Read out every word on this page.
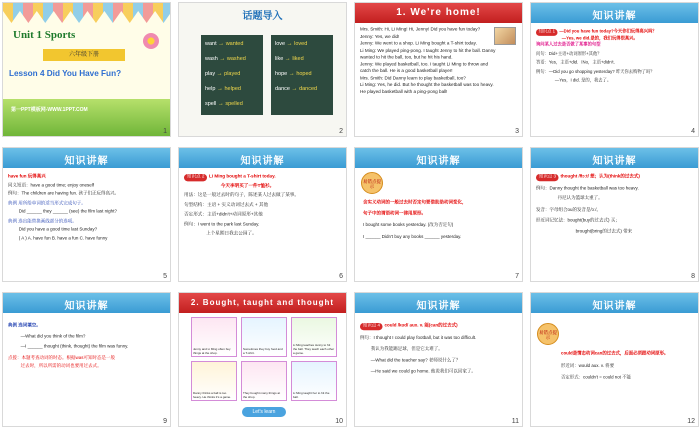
Unit 1 Sports
六年级下册
Lesson 4 Did You Have Fun?
第一PPT模板网-WWW.1PPT.COM
1
话题导入
want → wanted
wash → washed
play → played
help → helped
spell → spelled
love → loved
like → liked
hope → hoped
dance → danced
2
1. We're home!
Mrs. Smith: Hi, Li Ming! Hi, Jenny! Did you have fun today?
Jenny: Yes, we did!
Jenny: We went to a shop. Li Ming bought a T-shirt today.
Li Ming: We played ping-pong. I taught Jenny to hit the ball. Danny
wanted to hit the ball, too, but he hit his hand.
Jenny: We played basketball, too. I taught Li Ming to throw and
catch the ball. He is a good basketball player!
Mrs. Smith: Did Danny learn to play basketball, too?
Li Ming: Yes, he did. But he thought the basketball was too heavy.
He played basketball with a ping-pong ball!
3
知识讲解
知识点 1 —Did you have fun today?今天你们玩得高兴吗？
—Yes, we did.是的，我们玩得很高兴。
询问某人过去是否做了某事的句型
问句：Did+主语+动词原形+其他？
答语：Yes，主语+did.（No，主语+didn't.
例句：—Did you go shopping yesterday? 昨天你去购物了吗？
—Yes，I did. 是的，我去了。
4
知识讲解
have fun 玩得高兴
同义短语：have a good time; enjoy oneself
例句：The children are having fun. 孩子们正玩得高兴。
典例 用所给单词的适当形式完成句子。
Did ______ they ______ (see) the film last night?
典例 选出能替换画线部分的选项。
Did you have a good time last Sunday?
( A ) A. have fun B. have a fun C. have funny
5
知识讲解
知识点 2 Li Ming bought a T-shirt today.
今天李明买了一件T恤衫。
用法：这是一般过去时的句子，陈述某人过去做了某事。
句型结构：主语 + 实义动词过去式 + 其他
否定形式：主语+didn't+动词原形+其他
例句：I went to the park last Sunday.
上个星期日我去公园了。
6
知识讲解
易错点提示
含实义动词的一般过去时否定句要借助助动词变化，
句子中的谓语动词一律用原形。
I bought some books yesterday. (改为否定句)
I ______ Didn't buy any books ______ yesterday.
7
知识讲解
知识点 3 thought /θɔːt/ 想；认为(think的过去式)
例句：Danny thought the basketball was too heavy.
丹尼认为篮球太重了。
发音：字母组合ou的发音是/ɔː/。
形近词记忆法：bought(buy的过去式) 买；
brought(bring的过去式) 带来
8
知识讲解
典例 选词填空。
—What did you think of the film?
—I ______ thought (think, thought) the film was funny.
点拨：本题考查动词的时态。根据was可知时态是一般
过去时，所以所需的动词也要用过去式。
9
2. Bought, taught and thought
Jenny and Li Ming often buy things at the shop.
Sometimes they buy food and a T-shirt.
Li Ming teaches Jenny to hit the ball. They teach each other a game.
Danny thinks a ball is too heavy. He thinks it's a game.
They bought many things at the shop.
Li Ming taught her to hit the ball.
Let's learn
10
知识讲解
知识点 4 could /kʊd/ aux. v. 能(can的过去式)
例句：I thought I could play football, but it was too difficult.
我认为我能踢足球，但是它太难了。
—What did the teacher say? 老师说什么了？
—He said we could go home. 他说我们可以回家了。
11
知识讲解
易错点提示
could是情态动词can的过去式，后面必须跟动词原形。
形近词：would aux. v. 将要
否定形式：couldn't = could not 不能
12
